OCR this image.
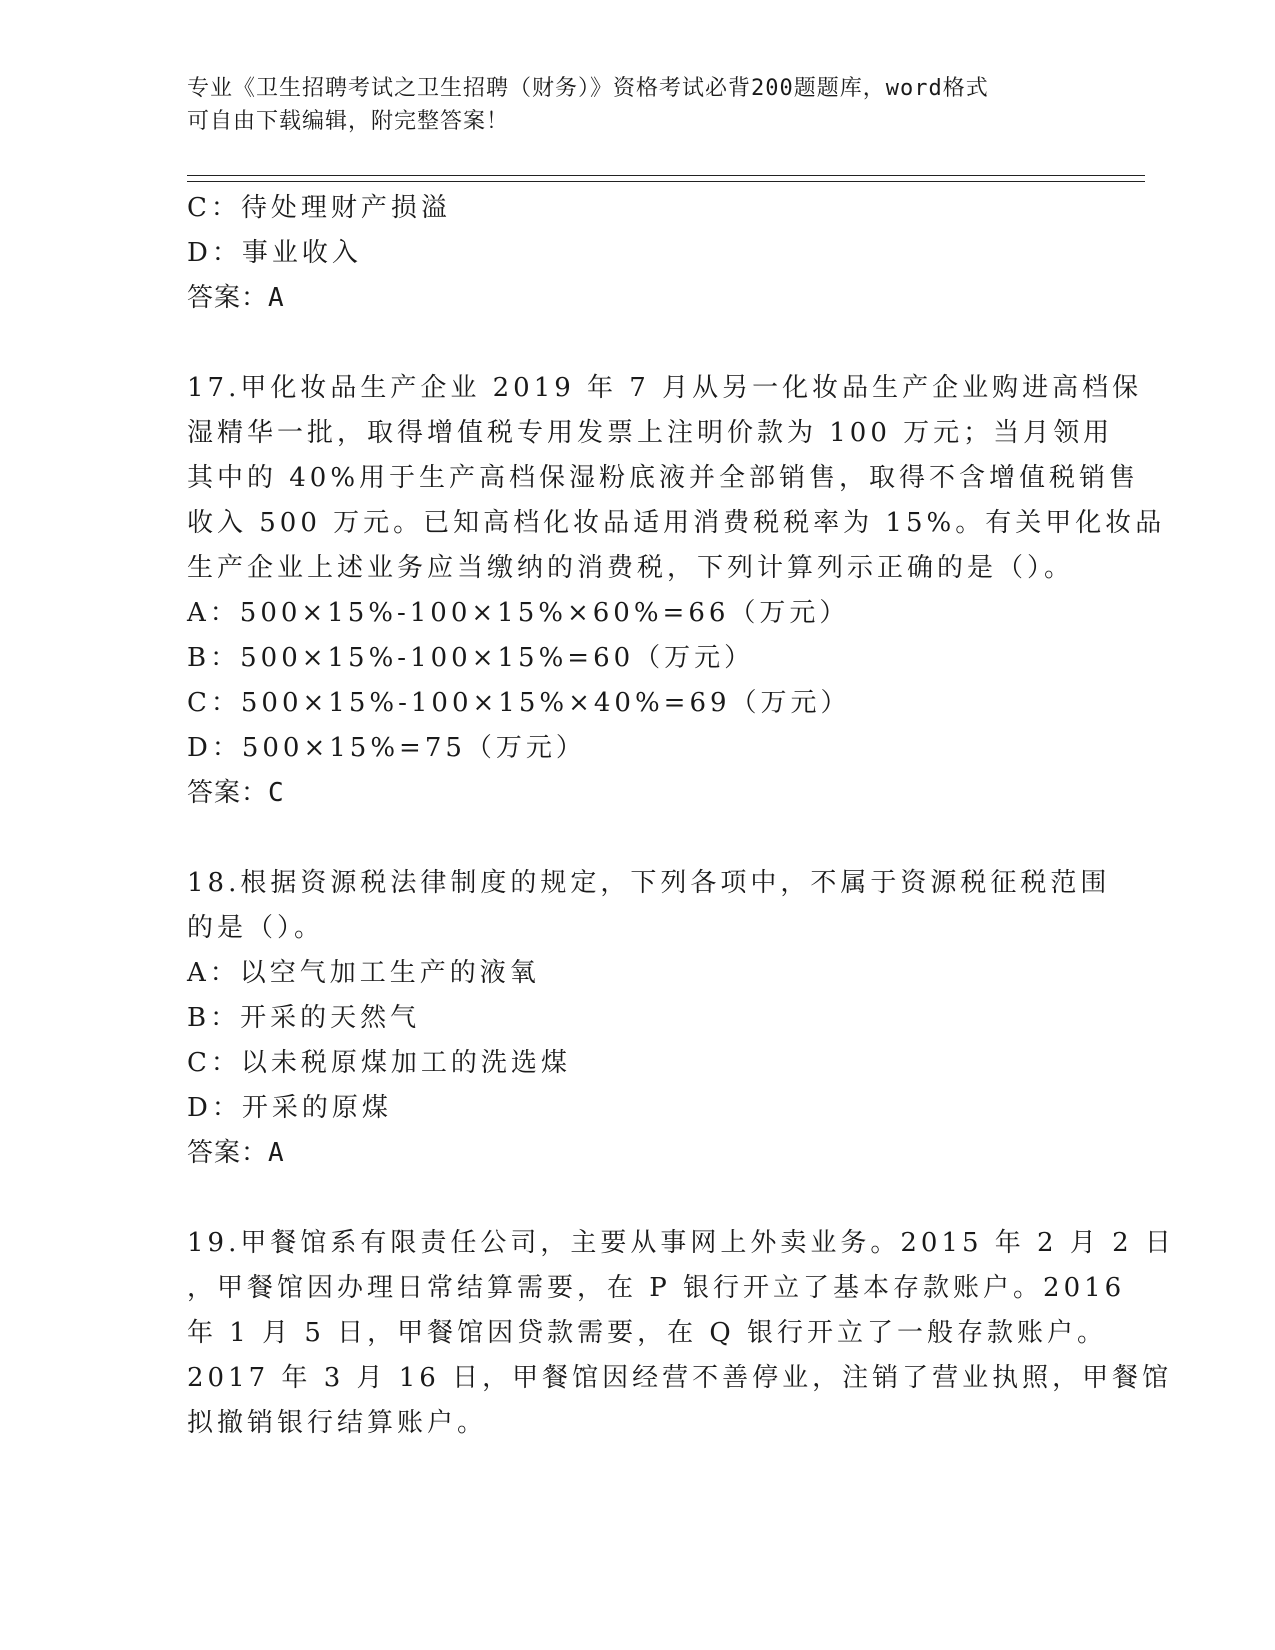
专业《卫生招聘考试之卫生招聘（财务）》资格考试必背200题题库，word格式
可自由下载编辑，附完整答案！
C：待处理财产损溢
D：事业收入
答案：A
17.甲化妆品生产企业 2019 年 7 月从另一化妆品生产企业购进高档保
湿精华一批，取得增值税专用发票上注明价款为 100 万元；当月领用
其中的 40%用于生产高档保湿粉底液并全部销售，取得不含增值税销售
收入 500 万元。已知高档化妆品适用消费税税率为 15%。有关甲化妆品
生产企业上述业务应当缴纳的消费税，下列计算列示正确的是（）。
A：500×15%-100×15%×60%=66（万元）
B：500×15%-100×15%=60（万元）
C：500×15%-100×15%×40%=69（万元）
D：500×15%=75（万元）
答案：C
18.根据资源税法律制度的规定，下列各项中，不属于资源税征税范围
的是（）。
A：以空气加工生产的液氧
B：开采的天然气
C：以未税原煤加工的洗选煤
D：开采的原煤
答案：A
19.甲餐馆系有限责任公司，主要从事网上外卖业务。2015 年 2 月 2 日
，甲餐馆因办理日常结算需要，在 P 银行开立了基本存款账户。2016
年 1 月 5 日，甲餐馆因贷款需要，在 Q 银行开立了一般存款账户。
2017 年 3 月 16 日，甲餐馆因经营不善停业，注销了营业执照，甲餐馆
拟撤销银行结算账户。
